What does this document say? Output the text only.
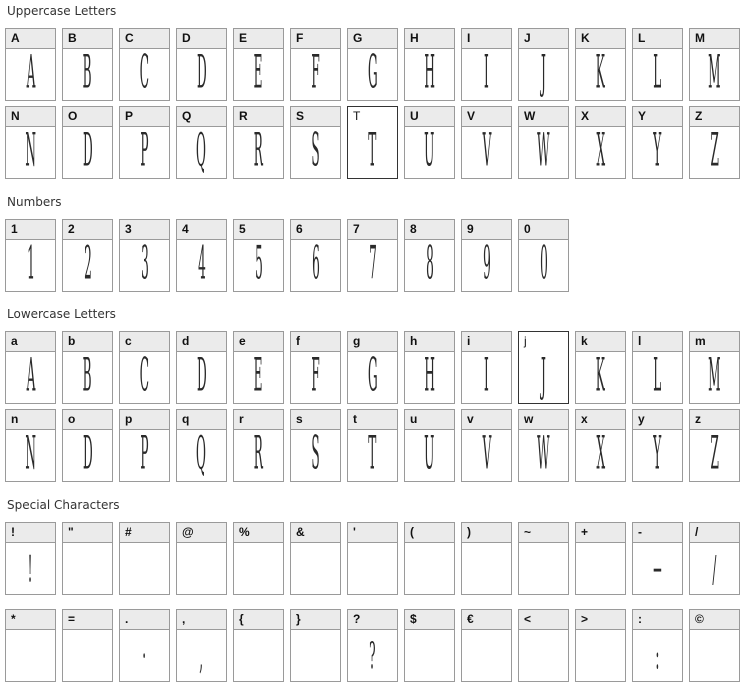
Uppercase Letters
A
A
B
B
C
C
D
D
E
E
F
F
G
G
H
H
I
I
J
J
K
K
L
L
M
M
N
N
O
D
P
P
Q
Q
R
R
S
S
T
T
U
U
V
V
W
W
X
X
Y
Y
Z
Z
Numbers
1
1
2
2
3
3
4
4
5
5
6
6
7
7
8
8
9
9
0
0
Lowercase Letters
a
A
b
B
c
C
d
D
e
E
f
F
g
G
h
H
i
I
j
J
k
K
l
L
m
M
n
N
o
D
p
P
q
Q
r
R
s
S
t
T
u
U
v
V
w
W
x
X
y
Y
z
Z
Special Characters
!
!
"	#	@	%	&	'	(	)	~	+	-
−
/
/
*	=	.
·
,
,
{	}	?
?
$	€	<	>	:
:
©
